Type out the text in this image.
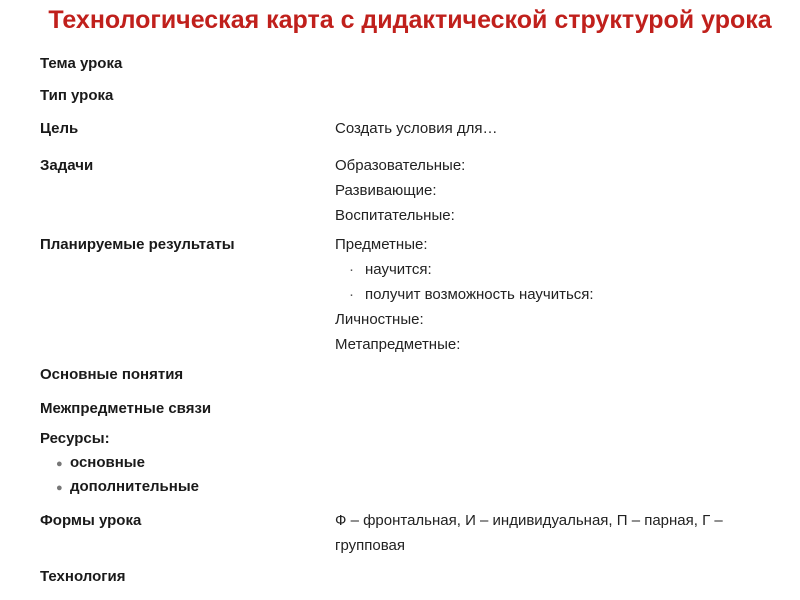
Технологическая карта с дидактической структурой урока
Тема урока
Тип урока
Цель	Создать условия для…
Задачи	Образовательные:
Развивающие:
Воспитательные:
Планируемые результаты	Предметные:
· научится:
· получит возможность научиться:
Личностные:
Метапредметные:
Основные понятия
Межпредметные связи
Ресурсы:
● основные
● дополнительные
Формы урока	Ф – фронтальная, И – индивидуальная, П – парная, Г – групповая
Технология
